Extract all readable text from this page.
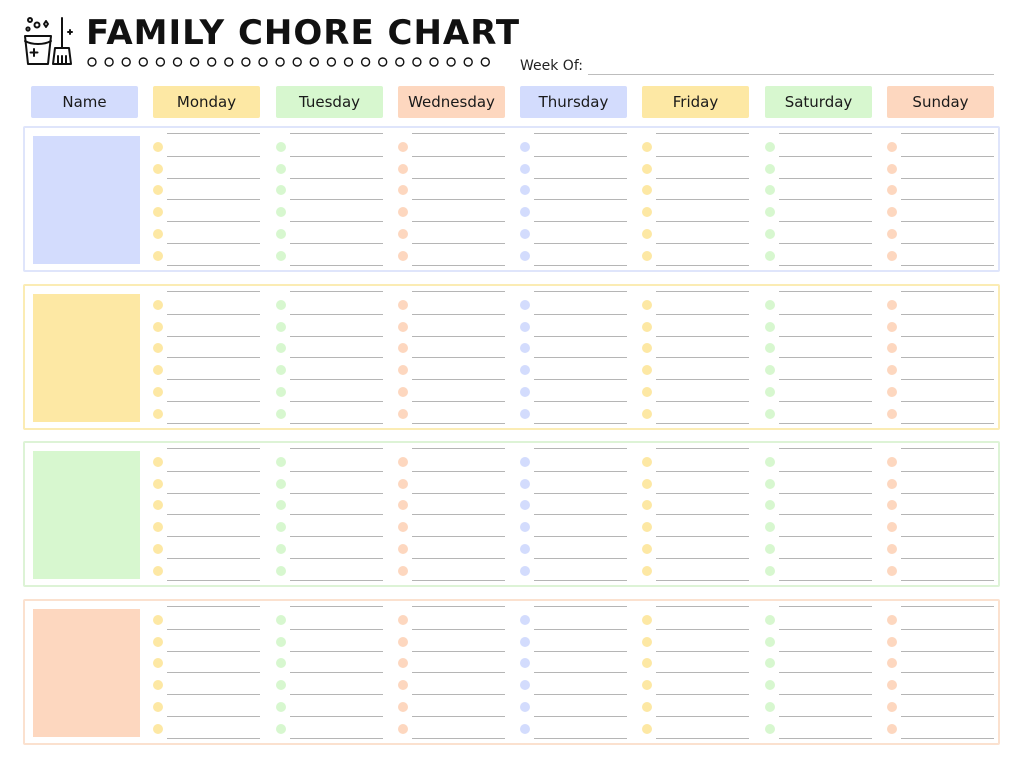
FAMILY CHORE CHART
Week Of:
Name	Monday	Tuesday	Wednesday	Thursday	Friday	Saturday	Sunday
